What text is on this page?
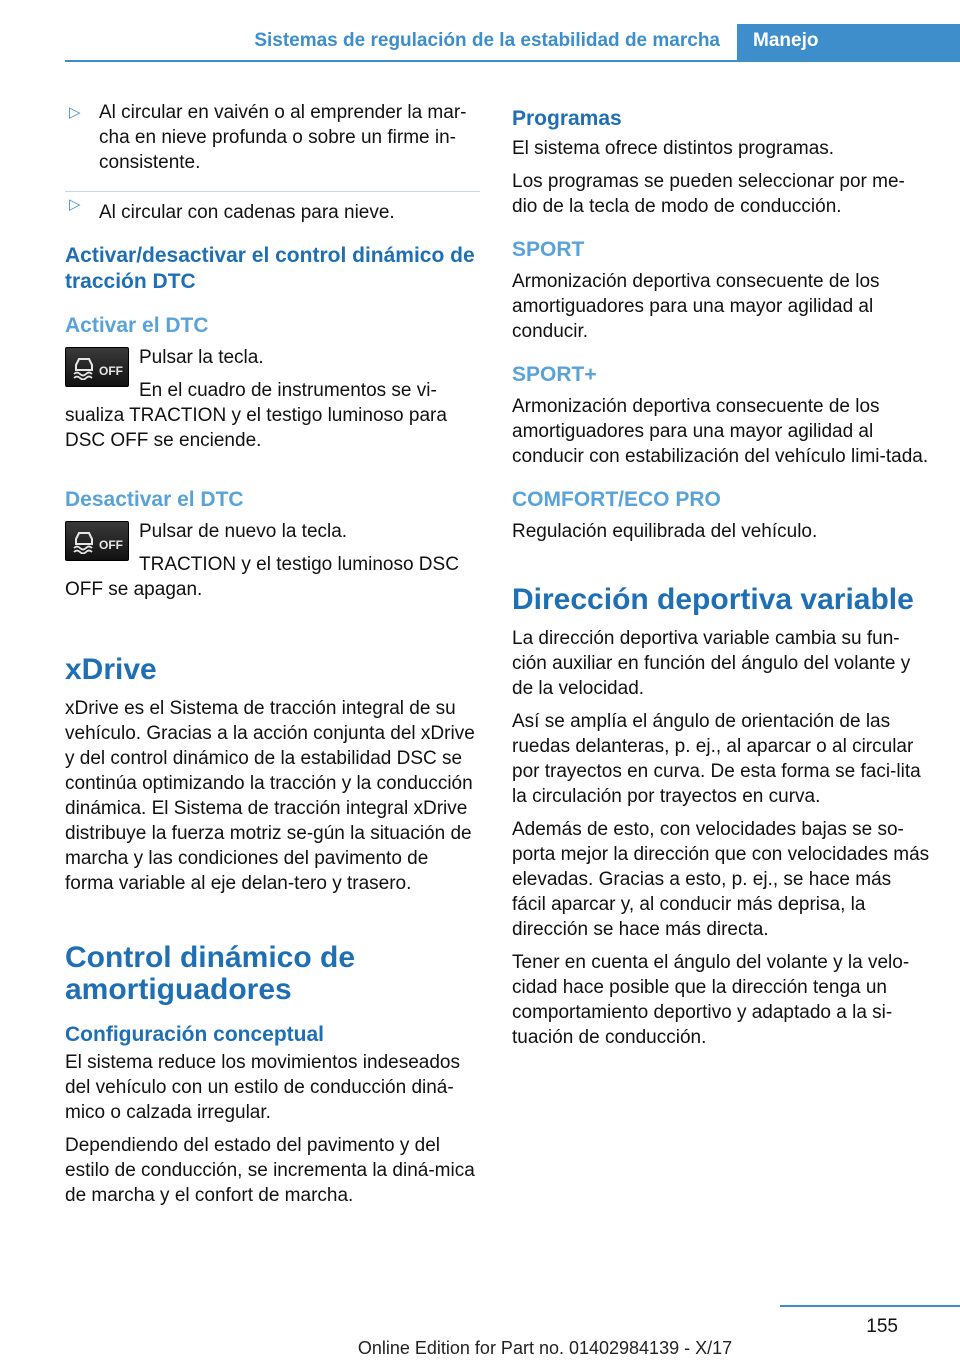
Sistemas de regulación de la estabilidad de marcha	Manejo
▷ Al circular en vaivén o al emprender la mar‐cha en nieve profunda o sobre un firme in‐consistente.
▷ Al circular con cadenas para nieve.
Activar/desactivar el control dinámico de tracción DTC
Activar el DTC
OFF

Pulsar la tecla.

En el cuadro de instrumentos se vi‐sualiza TRACTION y el testigo luminoso para DSC OFF se enciende.

Desactivar el DTC
OFF

Pulsar de nuevo la tecla.

TRACTION y el testigo luminoso DSC OFF se apagan.

xDrive

xDrive es el Sistema de tracción integral de su vehículo. Gracias a la acción conjunta del xDrive y del control dinámico de la estabilidad DSC se continúa optimizando la tracción y la conducción dinámica. El Sistema de tracción integral xDrive distribuye la fuerza motriz se‐gún la situación de marcha y las condiciones del pavimento de forma variable al eje delan‐tero y trasero.

Control dinámico de amortiguadores
Configuración conceptual

El sistema reduce los movimientos indeseados del vehículo con un estilo de conducción diná‐mico o calzada irregular.

Dependiendo del estado del pavimento y del estilo de conducción, se incrementa la diná‐mica de marcha y el confort de marcha.

Programas

El sistema ofrece distintos programas.

Los programas se pueden seleccionar por me‐dio de la tecla de modo de conducción.

SPORT

Armonización deportiva consecuente de los amortiguadores para una mayor agilidad al conducir.

SPORT+

Armonización deportiva consecuente de los amortiguadores para una mayor agilidad al conducir con estabilización del vehículo limi‐tada.

COMFORT/ECO PRO

Regulación equilibrada del vehículo.

Dirección deportiva variable

La dirección deportiva variable cambia su fun‐ción auxiliar en función del ángulo del volante y de la velocidad.

Así se amplía el ángulo de orientación de las ruedas delanteras, p. ej., al aparcar o al circular por trayectos en curva. De esta forma se faci‐lita la circulación por trayectos en curva.

Además de esto, con velocidades bajas se so‐porta mejor la dirección que con velocidades más elevadas. Gracias a esto, p. ej., se hace más fácil aparcar y, al conducir más deprisa, la dirección se hace más directa.

Tener en cuenta el ángulo del volante y la velo‐cidad hace posible que la dirección tenga un comportamiento deportivo y adaptado a la si‐tuación de conducción.

155
Online Edition for Part no. 01402984139 - X/17
